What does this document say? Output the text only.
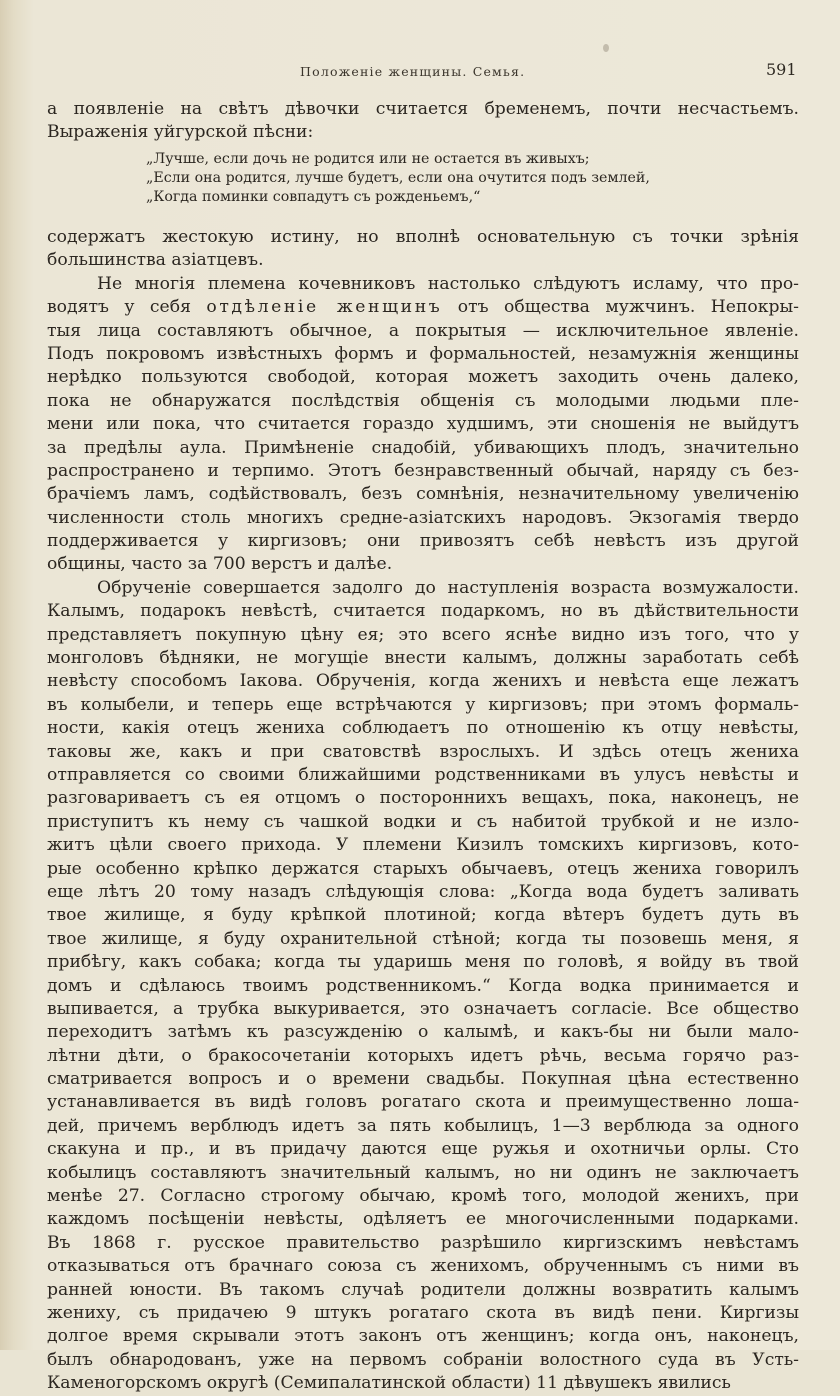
Положенiе женщины. Семья.	591
а появленiе на свѣтъ дѣвочки считается бременемъ, почти несчастьемъ.
Выраженiя уйгурской пѣсни:
„Лучше, если дочь не родится или не остается въ живыхъ;
„Если она родится, лучше будетъ, если она очутится подъ землей,
„Когда поминки совпадутъ съ рожденьемъ,“
содержатъ жестокую истину, но вполнѣ основательную съ точки зрѣнiя
большинства азiатцевъ.
Не многiя племена кочевниковъ настолько слѣдуютъ исламу, что про-
водятъ у себя отдѣленiе женщинъ отъ общества мужчинъ. Непокры-
тыя лица составляютъ обычное, а покрытыя — исключительное явленiе.
Подъ покровомъ извѣстныхъ формъ и формальностей, незамужнiя женщины
нерѣдко пользуются свободой, которая можетъ заходить очень далеко,
пока не обнаружатся послѣдствiя общенiя съ молодыми людьми пле-
мени или пока, что считается гораздо худшимъ, эти сношенiя не выйдутъ
за предѣлы аула. Примѣненiе снадобiй, убивающихъ плодъ, значительно
распространено и терпимо. Этотъ безнравственный обычай, наряду съ без-
брачiемъ ламъ, содѣйствовалъ, безъ сомнѣнiя, незначительному увеличенiю
численности столь многихъ средне-азiатскихъ народовъ. Экзогамiя твердо
поддерживается у киргизовъ; они привозятъ себѣ невѣстъ изъ другой
общины, часто за 700 верстъ и далѣе.
Обрученiе совершается задолго до наступленiя возраста возмужалости.
Калымъ, подарокъ невѣстѣ, считается подаркомъ, но въ дѣйствительности
представляетъ покупную цѣну ея; это всего яснѣе видно изъ того, что у
монголовъ бѣдняки, не могущiе внести калымъ, должны заработать себѣ
невѣсту способомъ Iакова. Обрученiя, когда женихъ и невѣста еще лежатъ
въ колыбели, и теперь еще встрѣчаются у киргизовъ; при этомъ формаль-
ности, какiя отецъ жениха соблюдаетъ по отношенiю къ отцу невѣсты,
таковы же, какъ и при сватовствѣ взрослыхъ. И здѣсь отецъ жениха
отправляется со своими ближайшими родственниками въ улусъ невѣсты и
разговариваетъ съ ея отцомъ о постороннихъ вещахъ, пока, наконецъ, не
приступитъ къ нему съ чашкой водки и съ набитой трубкой и не изло-
житъ цѣли своего прихода. У племени Кизилъ томскихъ киргизовъ, кото-
рые особенно крѣпко держатся старыхъ обычаевъ, отецъ жениха говорилъ
еще лѣтъ 20 тому назадъ слѣдующiя слова: „Когда вода будетъ заливать
твое жилище, я буду крѣпкой плотиной; когда вѣтеръ будетъ дуть въ
твое жилище, я буду охранительной стѣной; когда ты позовешь меня, я
прибѣгу, какъ собака; когда ты ударишь меня по головѣ, я войду въ твой
домъ и сдѣлаюсь твоимъ родственникомъ.“ Когда водка принимается и
выпивается, а трубка выкуривается, это означаетъ согласiе. Все общество
переходитъ затѣмъ къ разсужденiю о калымѣ, и какъ-бы ни были мало-
лѣтни дѣти, о бракосочетанiи которыхъ идетъ рѣчь, весьма горячо раз-
сматривается вопросъ и о времени свадьбы. Покупная цѣна естественно
устанавливается въ видѣ головъ рогатаго скота и преимущественно лоша-
дей, причемъ верблюдъ идетъ за пять кобылицъ, 1—3 верблюда за одного
скакуна и пр., и въ придачу даются еще ружья и охотничьи орлы. Сто
кобылицъ составляютъ значительный калымъ, но ни одинъ не заключаетъ
менѣе 27. Согласно строгому обычаю, кромѣ того, молодой женихъ, при
каждомъ посѣщенiи невѣсты, одѣляетъ ее многочисленными подарками.
Въ 1868 г. русское правительство разрѣшило киргизскимъ невѣстамъ
отказываться отъ брачнаго союза съ женихомъ, обрученнымъ съ ними въ
ранней юности. Въ такомъ случаѣ родители должны возвратить калымъ
жениху, съ придачею 9 штукъ рогатаго скота въ видѣ пени. Киргизы
долгое время скрывали этотъ законъ отъ женщинъ; когда онъ, наконецъ,
былъ обнародованъ, уже на первомъ собранiи волостного суда въ Усть-
Каменогорскомъ округѣ (Семипалатинской области) 11 дѣвушекъ явились
